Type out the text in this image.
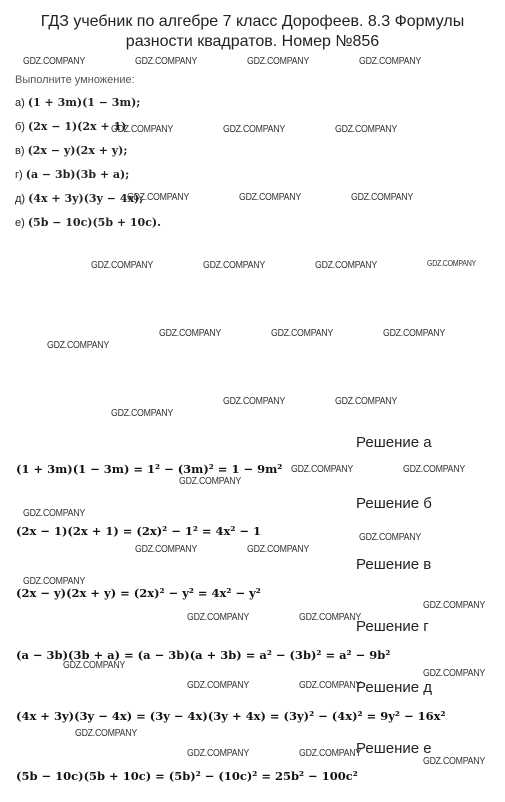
ГДЗ учебник по алгебре 7 класс Дорофеев. 8.3 Формулы
разности квадратов. Номер №856
Выполните умножение:
а) (1 + 3m)(1 − 3m);
б) (2x − 1)(2x + 1)
в) (2x − y)(2x + y);
г) (a − 3b)(3b + a);
д) (4x + 3y)(3y − 4x);
е) (5b − 10c)(5b + 10c).
Решение а
(1 + 3m)(1 − 3m) = 1² − (3m)² = 1 − 9m²
Решение б
(2x − 1)(2x + 1) = (2x)² − 1² = 4x² − 1
Решение в
(2x − y)(2x + y) = (2x)² − y² = 4x² − y²
Решение г
(a − 3b)(3b + a) = (a − 3b)(a + 3b) = a² − (3b)² = a² − 9b²
Решение д
(4x + 3y)(3y − 4x) = (3y − 4x)(3y + 4x) = (3y)² − (4x)² = 9y² − 16x²
Решение е
(5b − 10c)(5b + 10c) = (5b)² − (10c)² = 25b² − 100c²
GDZ.COMPANY	GDZ.COMPANY	GDZ.COMPANY	GDZ.COMPANY
GDZ.COMPANY	GDZ.COMPANY	GDZ.COMPANY
GDZ.COMPANY	GDZ.COMPANY	GDZ.COMPANY
GDZ.COMPANY	GDZ.COMPANY	GDZ.COMPANY	GDZ.COMPANY
GDZ.COMPANY	GDZ.COMPANY	GDZ.COMPANY
GDZ.COMPANY
GDZ.COMPANY	GDZ.COMPANY
GDZ.COMPANY
GDZ.COMPANY	GDZ.COMPANY
GDZ.COMPANY
GDZ.COMPANY
GDZ.COMPANY
GDZ.COMPANY	GDZ.COMPANY
GDZ.COMPANY
GDZ.COMPANY
GDZ.COMPANY	GDZ.COMPANY
GDZ.COMPANY
GDZ.COMPANY
GDZ.COMPANY	GDZ.COMPANY
GDZ.COMPANY
GDZ.COMPANY	GDZ.COMPANY
GDZ.COMPANY
